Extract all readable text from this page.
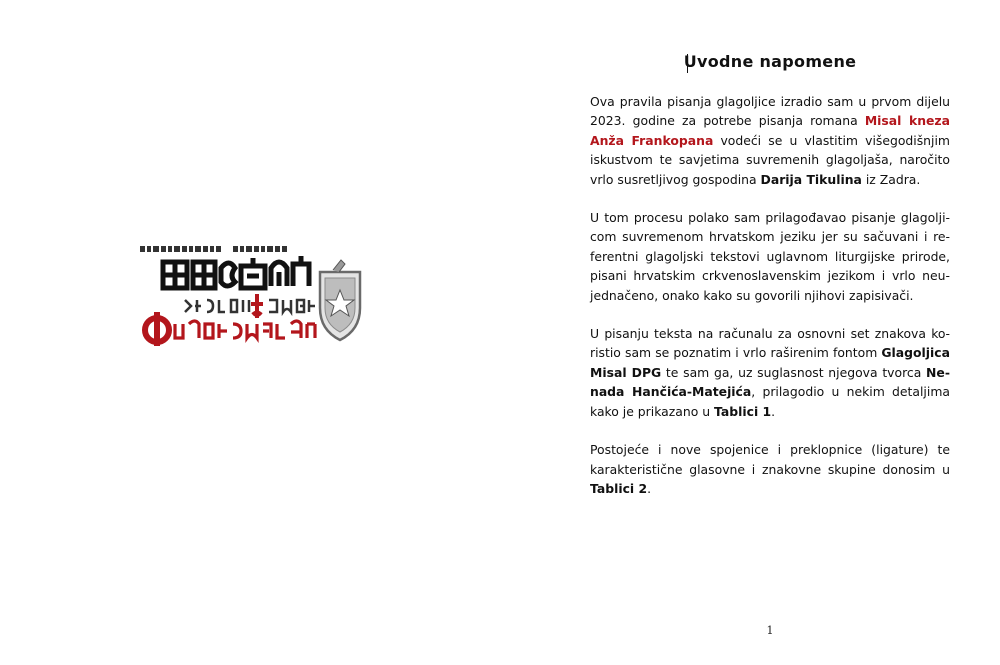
Uvodne napomene

Ova pravila pisanja glagoljice izradio sam u prvom dijelu 2023. godine za potrebe pisanja romana Misal kneza Anža Frankopana vodeći se u vlastitim višegodišnjim iskustvom te savjetima suvremenih glagoljaša, naročito vrlo susretljivog gospodina Darija Tikulina iz Zadra.

U tom procesu polako sam prilagođavao pisanje glagoljicom suvremenom hrvatskom jeziku jer su sačuvani i referentni glagoljski tekstovi uglavnom liturgijske prirode, pisani hrvatskim crkvenoslavenskim jezikom i vrlo neujednačeno, onako kako su govorili njihovi zapisivači.

U pisanju teksta na računalu za osnovni set znakova koristio sam se poznatim i vrlo raširenim fontom Glagoljica Misal DPG te sam ga, uz suglasnost njegova tvorca Nenada Hančića-Matejića, prilagodio u nekim detaljima kako je prikazano u Tablici 1.

Postojeće i nove spojenice i preklopnice (ligature) te karakteristične glasovne i znakovne skupine donosim u Tablici 2.

1
